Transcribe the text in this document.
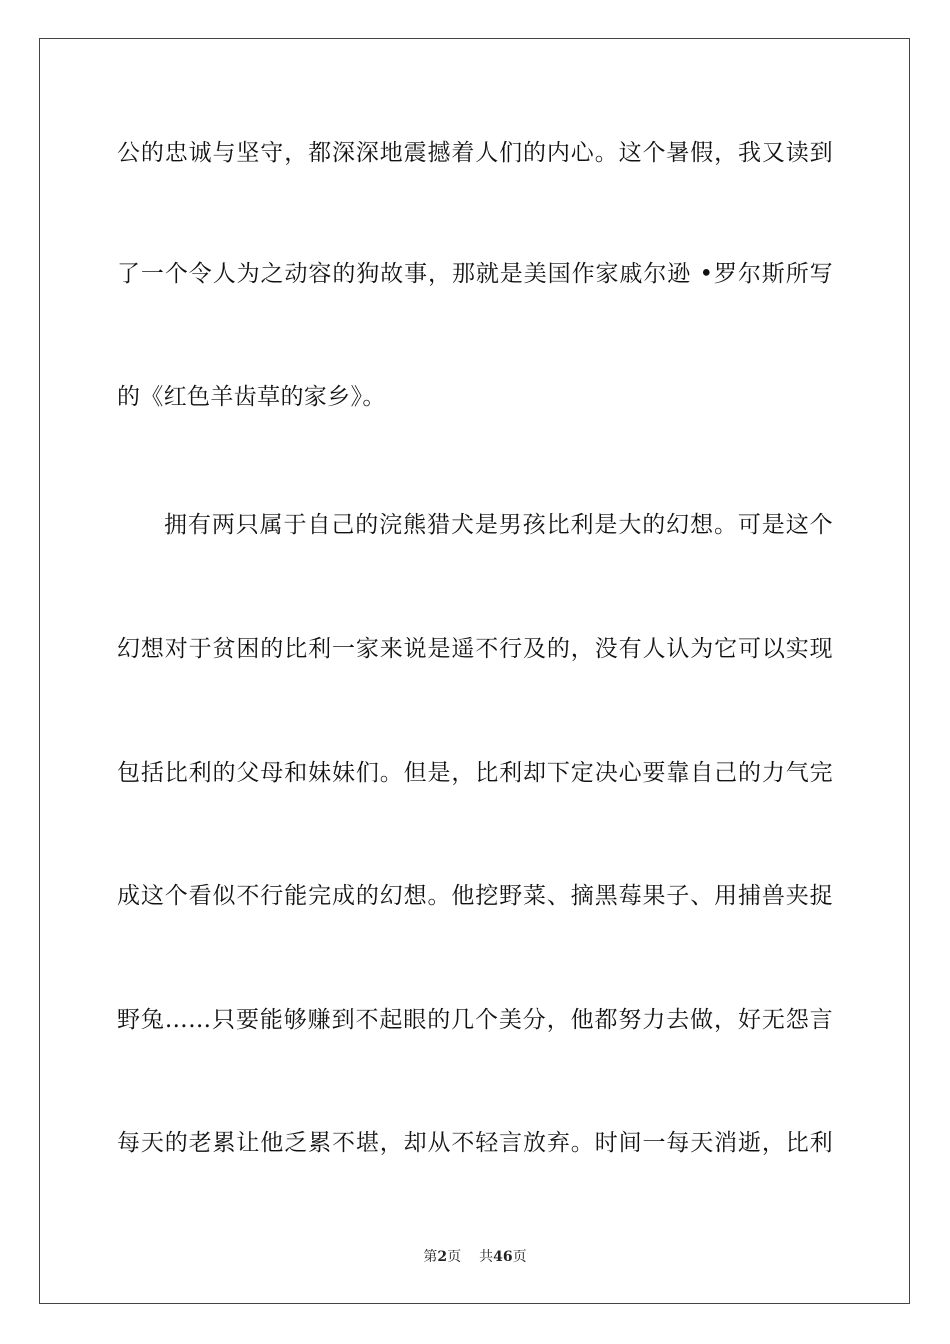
公的忠诚与坚守，都深深地震撼着人们的内心。这个暑假，我又读到
了一个令人为之动容的狗故事，那就是美国作家戚尔逊 •罗尔斯所写
的《红色羊齿草的家乡》。
拥有两只属于自己的浣熊猎犬是男孩比利是大的幻想。可是这个
幻想对于贫困的比利一家来说是遥不行及的，没有人认为它可以实现
包括比利的父母和妹妹们。但是，比利却下定决心要靠自己的力气完
成这个看似不行能完成的幻想。他挖野菜、摘黑莓果子、用捕兽夹捉
野兔……只要能够赚到不起眼的几个美分，他都努力去做，好无怨言
每天的老累让他乏累不堪，却从不轻言放弃。时间一每天消逝，比利
第2页 共46页
